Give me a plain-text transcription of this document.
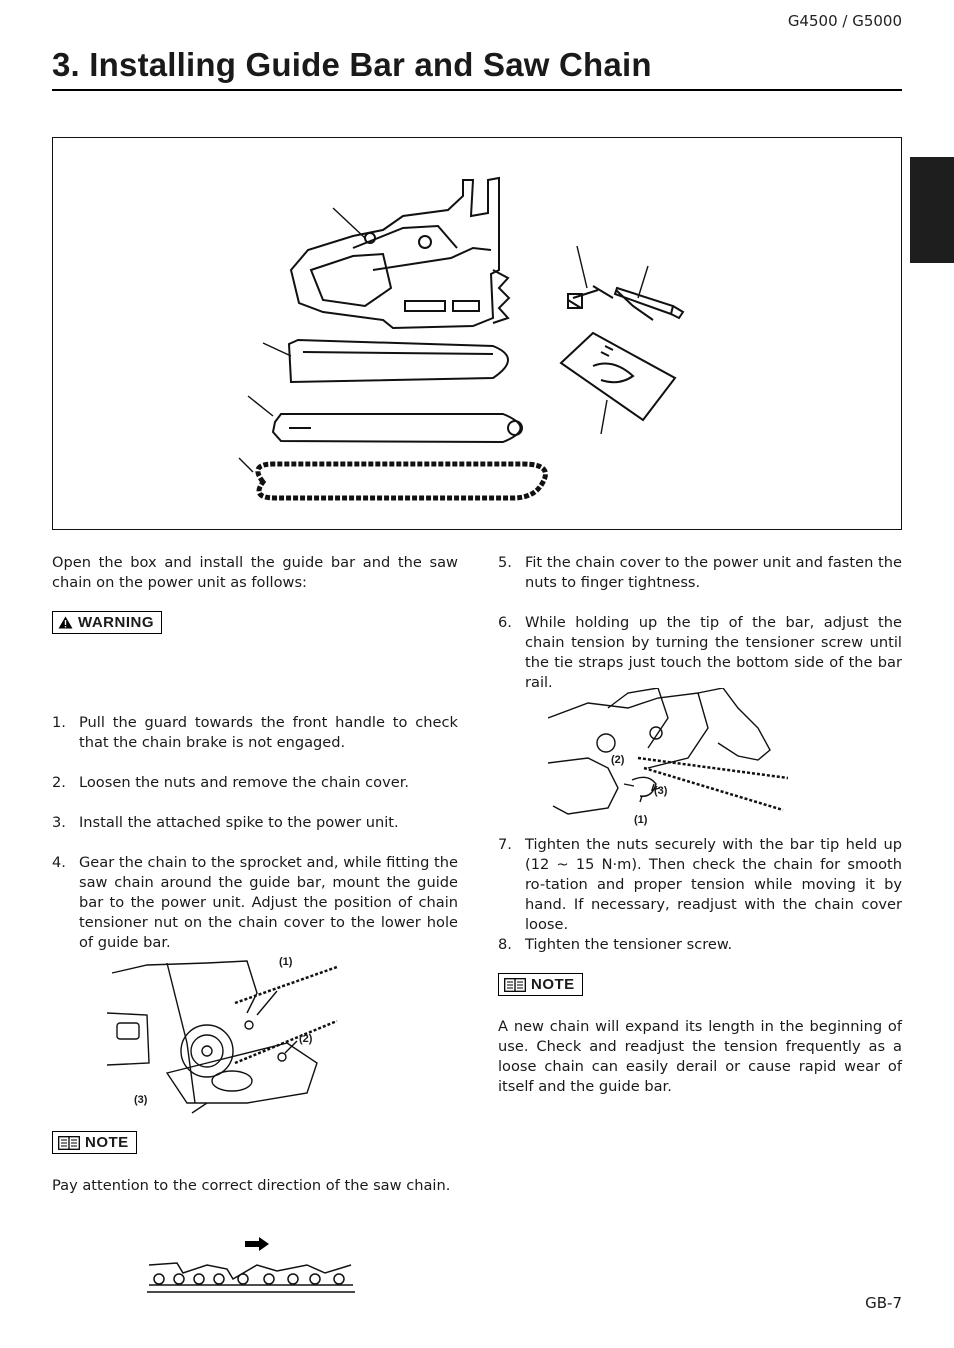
G4500 / G5000
3. Installing Guide Bar and Saw Chain

Open the box and install the guide bar and the saw chain on the power unit as follows:

WARNING
1. Pull the guard towards the front handle to check that the chain brake is not engaged.
2. Loosen the nuts and remove the chain cover.
3. Install the attached spike to the power unit.
4. Gear the chain to the sprocket and, while fitting the saw chain around the guide bar, mount the guide bar to the power unit. Adjust the position of chain tensioner nut on the chain cover to the lower hole of guide bar.
(1)
(2)
(3)
NOTE

Pay attention to the correct direction of the saw chain.

5. Fit the chain cover to the power unit and fasten the nuts to finger tightness.
6. While holding up the tip of the bar, adjust the chain tension by turning the tensioner screw until the tie straps just touch the bottom side of the bar rail.
(2)
(3)
(1)
7. Tighten the nuts securely with the bar tip held up (12 ~ 15 N·m). Then check the chain for smooth ro-tation and proper tension while moving it by hand. If necessary, readjust with the chain cover loose.
8. Tighten the tensioner screw.
NOTE

A new chain will expand its length in the beginning of use. Check and readjust the tension frequently as a loose chain can easily derail or cause rapid wear of itself and the guide bar.

GB-7
